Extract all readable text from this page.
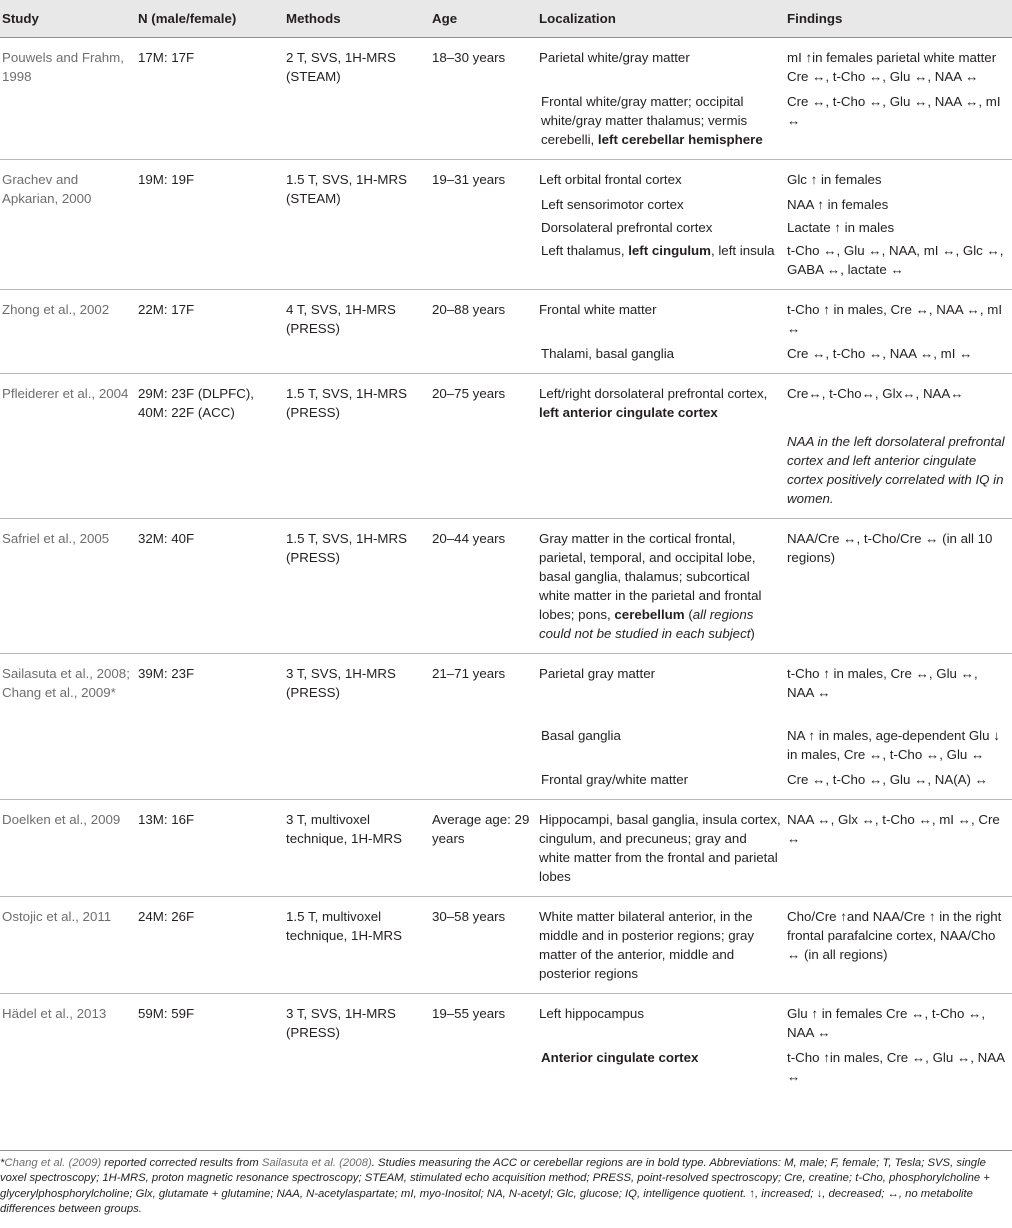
Study	N (male/female)	Methods	Age	Localization	Findings
Pouwels and Frahm, 1998	17M: 17F	2 T, SVS, 1H-MRS (STEAM)	18–30 years	Parietal white/gray matter	mI ↑in females parietal white matter Cre ↔, t-Cho ↔, Glu ↔, NAA ↔
				Frontal white/gray matter; occipital white/gray matter thalamus; vermis cerebelli, left cerebellar hemisphere	Cre ↔, t-Cho ↔, Glu ↔, NAA ↔, mI ↔
Grachev and Apkarian, 2000	19M: 19F	1.5 T, SVS, 1H-MRS (STEAM)	19–31 years	Left orbital frontal cortex	Glc ↑ in females
				Left sensorimotor cortex	NAA ↑ in females
				Dorsolateral prefrontal cortex	Lactate ↑ in males
				Left thalamus, left cingulum, left insula	t-Cho ↔, Glu ↔, NAA, mI ↔, Glc ↔, GABA ↔, lactate ↔
Zhong et al., 2002	22M: 17F	4 T, SVS, 1H-MRS (PRESS)	20–88 years	Frontal white matter	t-Cho ↑ in males, Cre ↔, NAA ↔, mI ↔
				Thalami, basal ganglia	Cre ↔, t-Cho ↔, NAA ↔, mI ↔
Pfleiderer et al., 2004	29M: 23F (DLPFC), 40M: 22F (ACC)	1.5 T, SVS, 1H-MRS (PRESS)	20–75 years	Left/right dorsolateral prefrontal cortex, left anterior cingulate cortex	Cre↔, t-Cho↔, Glx↔, NAA↔
					NAA in the left dorsolateral prefrontal cortex and left anterior cingulate cortex positively correlated with IQ in women.
Safriel et al., 2005	32M: 40F	1.5 T, SVS, 1H-MRS (PRESS)	20–44 years	Gray matter in the cortical frontal, parietal, temporal, and occipital lobe, basal ganglia, thalamus; subcortical white matter in the parietal and frontal lobes; pons, cerebellum (all regions could not be studied in each subject)	NAA/Cre ↔, t-Cho/Cre ↔ (in all 10 regions)
Sailasuta et al., 2008; Chang et al., 2009*	39M: 23F	3 T, SVS, 1H-MRS (PRESS)	21–71 years	Parietal gray matter	t-Cho ↑ in males, Cre ↔, Glu ↔, NAA ↔
				Basal ganglia	NA ↑ in males, age-dependent Glu ↓ in males, Cre ↔, t-Cho ↔, Glu ↔
				Frontal gray/white matter	Cre ↔, t-Cho ↔, Glu ↔, NA(A) ↔
Doelken et al., 2009	13M: 16F	3 T, multivoxel technique, 1H-MRS	Average age: 29 years	Hippocampi, basal ganglia, insula cortex, cingulum, and precuneus; gray and white matter from the frontal and parietal lobes	NAA ↔, Glx ↔, t-Cho ↔, mI ↔, Cre ↔
Ostojic et al., 2011	24M: 26F	1.5 T, multivoxel technique, 1H-MRS	30–58 years	White matter bilateral anterior, in the middle and in posterior regions; gray matter of the anterior, middle and posterior regions	Cho/Cre ↑and NAA/Cre ↑ in the right frontal parafalcine cortex, NAA/Cho ↔ (in all regions)
Hädel et al., 2013	59M: 59F	3 T, SVS, 1H-MRS (PRESS)	19–55 years	Left hippocampus	Glu ↑ in females Cre ↔, t-Cho ↔, NAA ↔
				Anterior cingulate cortex	t-Cho ↑in males, Cre ↔, Glu ↔, NAA ↔
*Chang et al. (2009) reported corrected results from Sailasuta et al. (2008). Studies measuring the ACC or cerebellar regions are in bold type. Abbreviations: M, male; F, female; T, Tesla; SVS, single voxel spectroscopy; 1H-MRS, proton magnetic resonance spectroscopy; STEAM, stimulated echo acquisition method; PRESS, point-resolved spectroscopy; Cre, creatine; t-Cho, phosphorylcholine + glycerylphosphorylcholine; Glx, glutamate + glutamine; NAA, N-acetylaspartate; mI, myo-Inositol; NA, N-acetyl; Glc, glucose; IQ, intelligence quotient. ↑, increased; ↓, decreased; ↔, no metabolite differences between groups.
